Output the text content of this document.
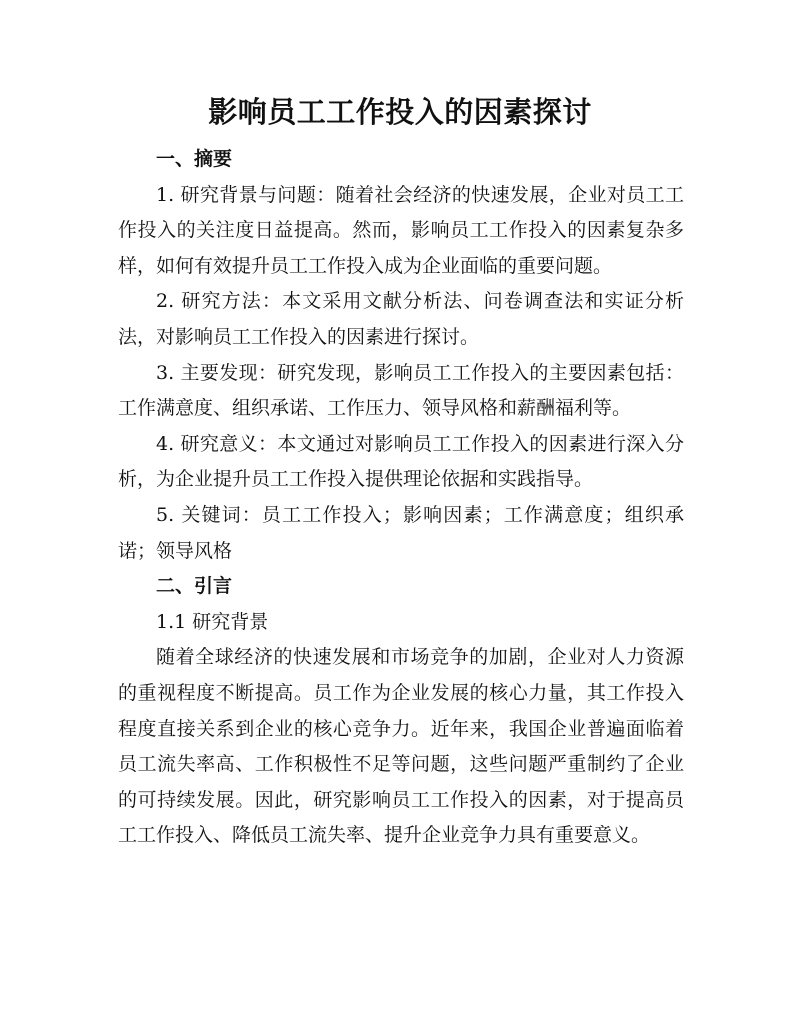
影响员工工作投入的因素探讨

一、摘要

1. 研究背景与问题：随着社会经济的快速发展，企业对员工工作投入的关注度日益提高。然而，影响员工工作投入的因素复杂多样，如何有效提升员工工作投入成为企业面临的重要问题。

2. 研究方法：本文采用文献分析法、问卷调查法和实证分析法，对影响员工工作投入的因素进行探讨。

3. 主要发现：研究发现，影响员工工作投入的主要因素包括：工作满意度、组织承诺、工作压力、领导风格和薪酬福利等。

4. 研究意义：本文通过对影响员工工作投入的因素进行深入分析，为企业提升员工工作投入提供理论依据和实践指导。

5. 关键词：员工工作投入；影响因素；工作满意度；组织承诺；领导风格

二、引言

1.1 研究背景

随着全球经济的快速发展和市场竞争的加剧，企业对人力资源的重视程度不断提高。员工作为企业发展的核心力量，其工作投入程度直接关系到企业的核心竞争力。近年来，我国企业普遍面临着员工流失率高、工作积极性不足等问题，这些问题严重制约了企业的可持续发展。因此，研究影响员工工作投入的因素，对于提高员工工作投入、降低员工流失率、提升企业竞争力具有重要意义。
